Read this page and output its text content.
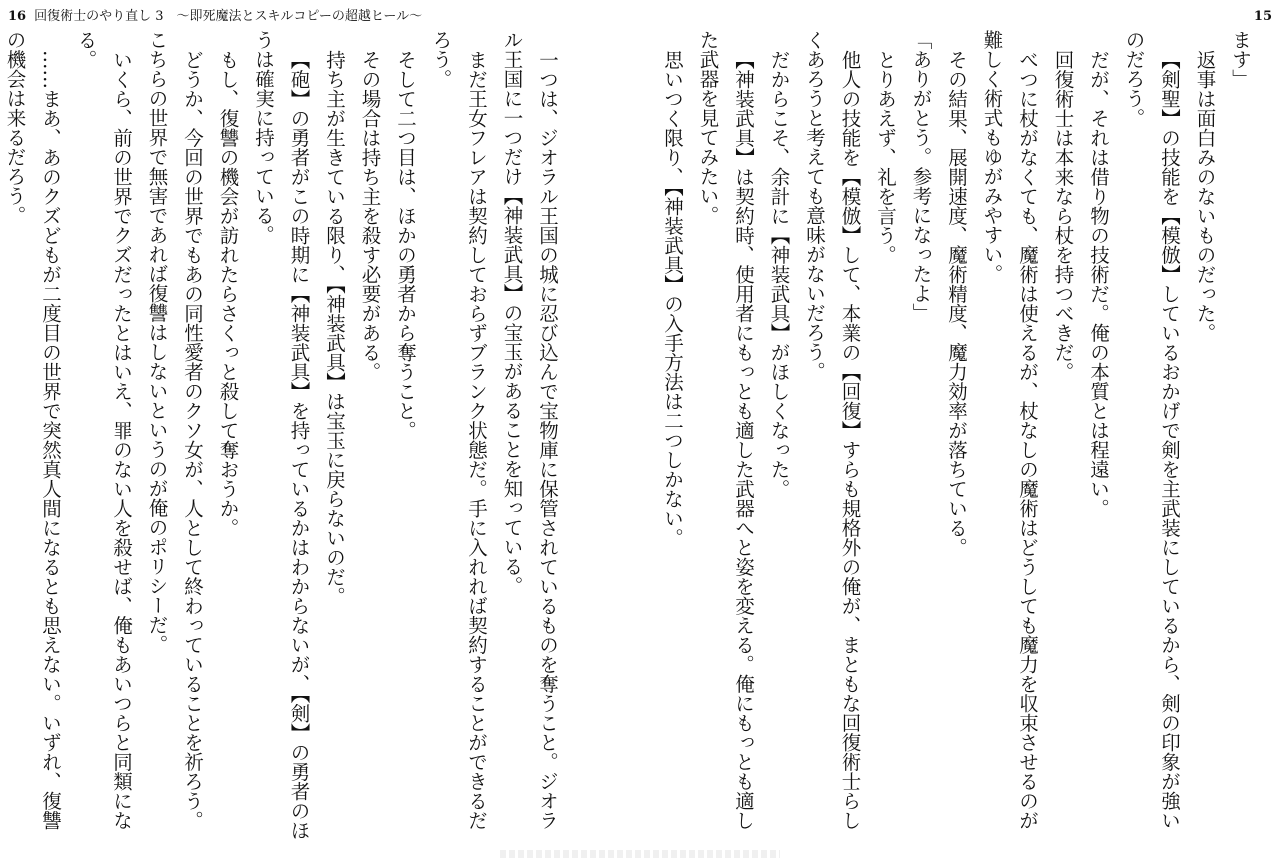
16 回復術士のやり直し 3　〜即死魔法とスキルコピーの超越ヒール〜	15

ます」

返事は面白みのないものだった。

【剣聖】の技能を【模倣】しているおかげで剣を主武装にしているから、剣の印象が強いのだろう。

だが、それは借り物の技術だ。俺の本質とは程遠い。

回復術士は本来なら杖を持つべきだ。

べつに杖がなくても、魔術は使えるが、杖なしの魔術はどうしても魔力を収束させるのが難しく術式もゆがみやすい。

その結果、展開速度、魔術精度、魔力効率が落ちている。

「ありがとう。参考になったよ」

とりあえず、礼を言う。

他人の技能を【模倣】して、本業の【回復】すらも規格外の俺が、まともな回復術士らしくあろうと考えても意味がないだろう。

だからこそ、余計に【神装武具】がほしくなった。

【神装武具】は契約時、使用者にもっとも適した武器へと姿を変える。俺にもっとも適した武器を見てみたい。

思いつく限り、【神装武具】の入手方法は二つしかない。

一つは、ジオラル王国の城に忍び込んで宝物庫に保管されているものを奪うこと。ジオラル王国に一つだけ【神装武具】の宝玉があることを知っている。

まだ王女フレアは契約しておらずブランク状態だ。手に入れれば契約することができるだろう。

そして二つ目は、ほかの勇者から奪うこと。

その場合は持ち主を殺す必要がある。

持ち主が生きている限り、【神装武具】は宝玉に戻らないのだ。

【砲】の勇者がこの時期に【神装武具】を持っているかはわからないが、【剣】の勇者のほうは確実に持っている。

もし、復讐の機会が訪れたらさくっと殺して奪おうか。

どうか、今回の世界でもあの同性愛者のクソ女が、人として終わっていることを祈ろう。こちらの世界で無害であれば復讐はしないというのが俺のポリシーだ。

いくら、前の世界でクズだったとはいえ、罪のない人を殺せば、俺もあいつらと同類になる。

……まあ、あのクズどもが二度目の世界で突然真人間になるとも思えない。いずれ、復讐の機会は来るだろう。
